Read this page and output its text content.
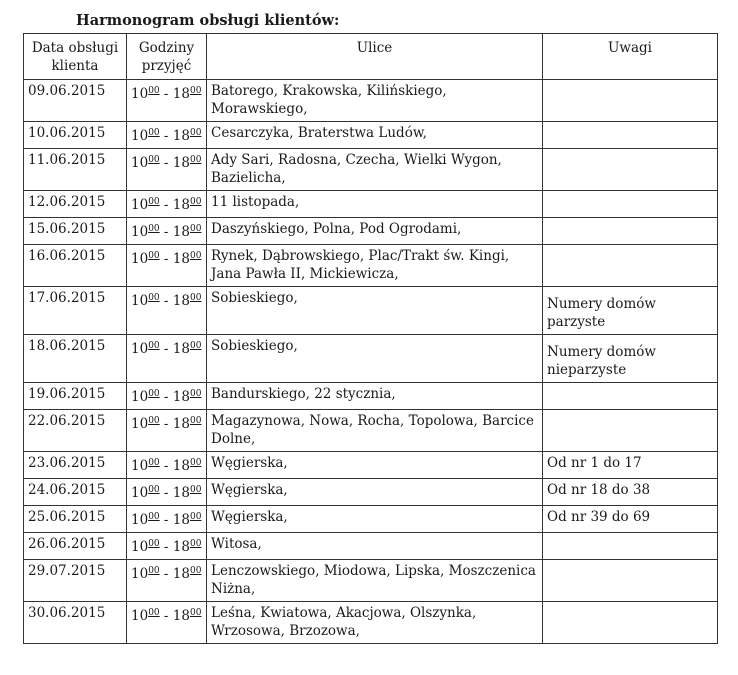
Harmonogram obsługi klientów:
Data obsługi klienta	Godziny przyjęć	Ulice	Uwagi
09.06.2015	$10^{00} - 18^{00}$	Batorego, Krakowska, Kilińskiego, Morawskiego,	
10.06.2015	$10^{00} - 18^{00}$	Cesarczyka, Braterstwa Ludów,	
11.06.2015	$10^{00} - 18^{00}$	Ady Sari, Radosna, Czecha, Wielki Wygon, Bazielicha,	
12.06.2015	$10^{00} - 18^{00}$	11 listopada,	
15.06.2015	$10^{00} - 18^{00}$	Daszyńskiego, Polna, Pod Ogrodami,	
16.06.2015	$10^{00} - 18^{00}$	Rynek, Dąbrowskiego, Plac/Trakt św. Kingi, Jana Pawła II, Mickiewicza,	
17.06.2015	$10^{00} - 18^{00}$	Sobieskiego,	Numery domów parzyste
18.06.2015	$10^{00} - 18^{00}$	Sobieskiego,	Numery domów nieparzyste
19.06.2015	$10^{00} - 18^{00}$	Bandurskiego, 22 stycznia,	
22.06.2015	$10^{00} - 18^{00}$	Magazynowa, Nowa, Rocha, Topolowa, Barcice Dolne,	
23.06.2015	$10^{00} - 18^{00}$	Węgierska,	Od nr 1 do 17
24.06.2015	$10^{00} - 18^{00}$	Węgierska,	Od nr 18 do 38
25.06.2015	$10^{00} - 18^{00}$	Węgierska,	Od nr 39 do 69
26.06.2015	$10^{00} - 18^{00}$	Witosa,	
29.07.2015	$10^{00} - 18^{00}$	Lenczowskiego, Miodowa, Lipska, Moszczenica Niżna,	
30.06.2015	$10^{00} - 18^{00}$	Leśna, Kwiatowa, Akacjowa, Olszynka, Wrzosowa, Brzozowa,	
